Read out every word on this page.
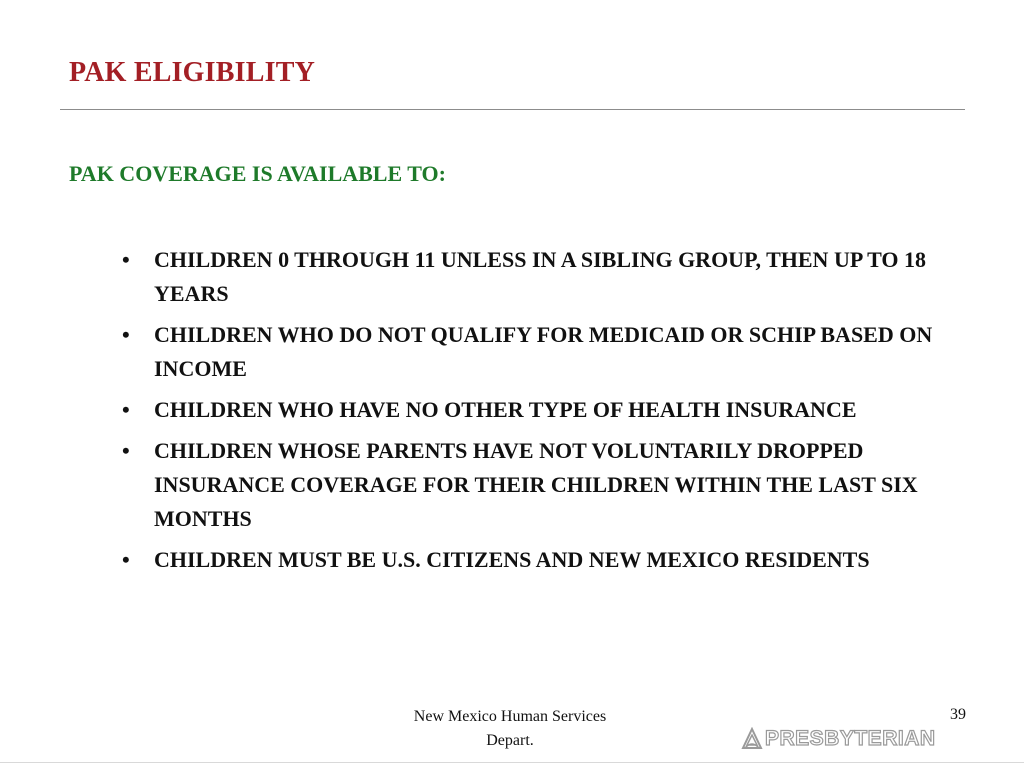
PAK ELIGIBILITY
PAK COVERAGE IS AVAILABLE TO:
• CHILDREN 0 THROUGH 11 UNLESS IN A SIBLING GROUP, THEN UP TO 18 YEARS
• CHILDREN WHO DO NOT QUALIFY FOR MEDICAID OR SCHIP BASED ON INCOME
• CHILDREN WHO HAVE NO OTHER TYPE OF HEALTH INSURANCE
• CHILDREN WHOSE PARENTS HAVE NOT VOLUNTARILY DROPPED INSURANCE COVERAGE FOR THEIR CHILDREN WITHIN THE LAST SIX MONTHS
• CHILDREN MUST BE U.S. CITIZENS AND NEW MEXICO RESIDENTS
New Mexico Human Services
Depart.
39
PRESBYTERIAN
